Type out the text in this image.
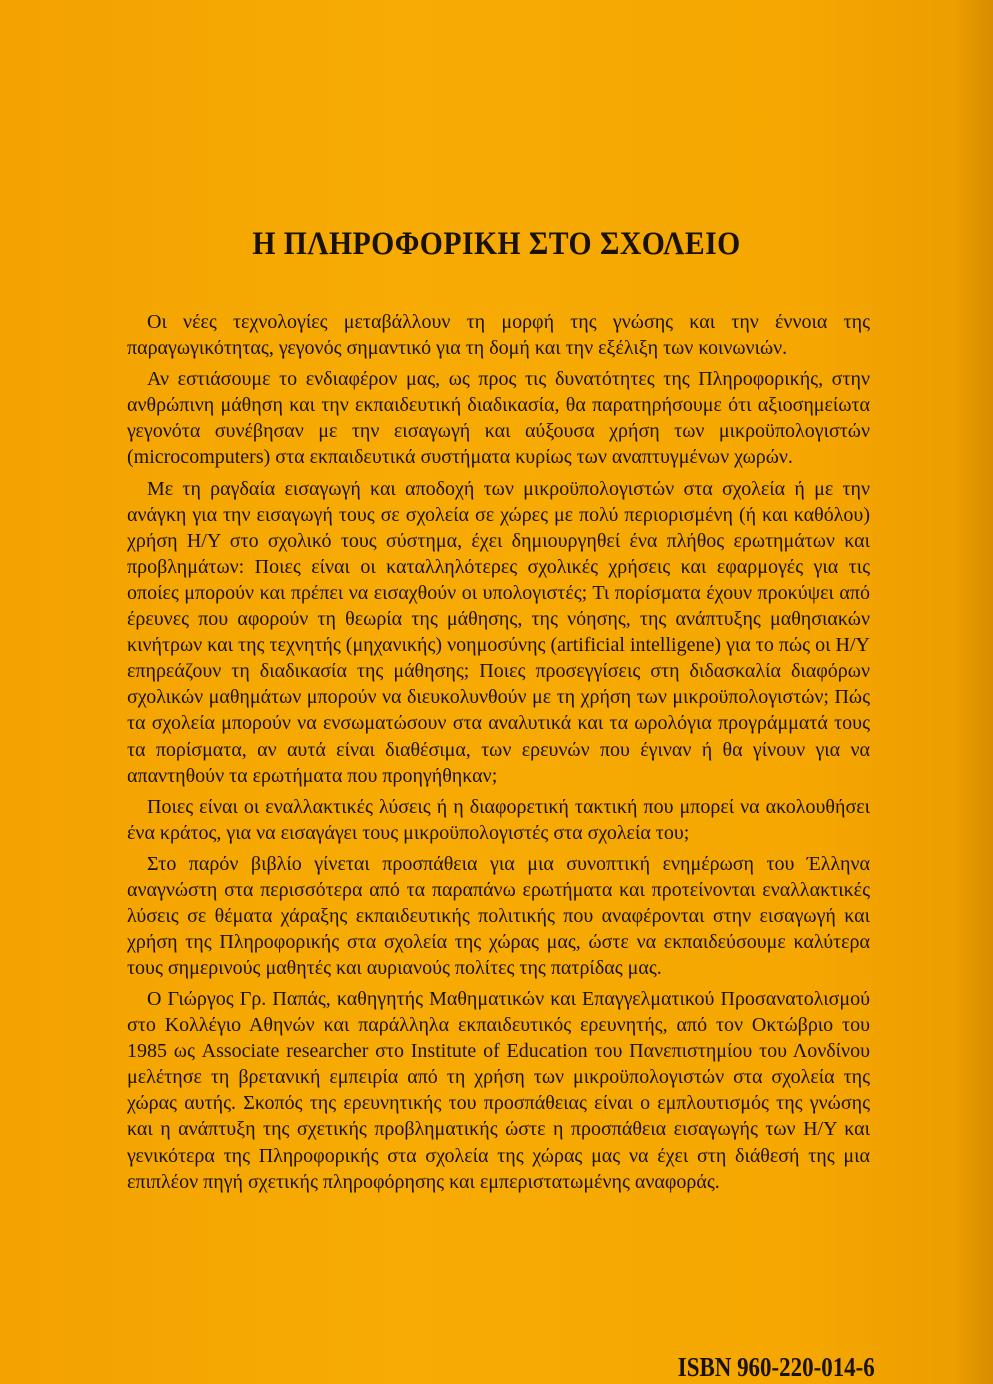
Η ΠΛΗΡΟΦΟΡΙΚΗ ΣΤΟ ΣΧΟΛΕΙΟ

Οι νέες τεχνολογίες μεταβάλλουν τη μορφή της γνώσης και την έννοια της παραγωγικότητας, γεγονός σημαντικό για τη δομή και την εξέλιξη των κοινωνιών.

Αν εστιάσουμε το ενδιαφέρον μας, ως προς τις δυνατότητες της Πληροφορικής, στην ανθρώπινη μάθηση και την εκπαιδευτική διαδικασία, θα παρατηρήσουμε ότι αξιοσημείωτα γεγονότα συνέβησαν με την εισαγωγή και αύξουσα χρήση των μικροϋπολογιστών (microcomputers) στα εκπαιδευτικά συστήματα κυρίως των αναπτυγμένων χωρών.

Με τη ραγδαία εισαγωγή και αποδοχή των μικροϋπολογιστών στα σχολεία ή με την ανάγκη για την εισαγωγή τους σε σχολεία σε χώρες με πολύ περιορισμένη (ή και καθόλου) χρήση Η/Υ στο σχολικό τους σύστημα, έχει δημιουργηθεί ένα πλήθος ερωτημάτων και προβλημάτων: Ποιες είναι οι καταλληλότερες σχολικές χρήσεις και εφαρμογές για τις οποίες μπορούν και πρέπει να εισαχθούν οι υπολογιστές; Τι πορίσματα έχουν προκύψει από έρευνες που αφορούν τη θεωρία της μάθησης, της νόησης, της ανάπτυξης μαθησιακών κινήτρων και της τεχνητής (μηχανικής) νοημοσύνης (artificial intelligene) για το πώς οι Η/Υ επηρεάζουν τη διαδικασία της μάθησης; Ποιες προσεγγίσεις στη διδασκαλία διαφόρων σχολικών μαθημάτων μπορούν να διευκολυνθούν με τη χρήση των μικροϋπολογιστών; Πώς τα σχολεία μπορούν να ενσωματώσουν στα αναλυτικά και τα ωρολόγια προγράμματά τους τα πορίσματα, αν αυτά είναι διαθέσιμα, των ερευνών που έγιναν ή θα γίνουν για να απαντηθούν τα ερωτήματα που προηγήθηκαν;

Ποιες είναι οι εναλλακτικές λύσεις ή η διαφορετική τακτική που μπορεί να ακολουθήσει ένα κράτος, για να εισαγάγει τους μικροϋπολογιστές στα σχολεία του;

Στο παρόν βιβλίο γίνεται προσπάθεια για μια συνοπτική ενημέρωση του Έλληνα αναγνώστη στα περισσότερα από τα παραπάνω ερωτήματα και προτείνονται εναλλακτικές λύσεις σε θέματα χάραξης εκπαιδευτικής πολιτικής που αναφέρονται στην εισαγωγή και χρήση της Πληροφορικής στα σχολεία της χώρας μας, ώστε να εκπαιδεύσουμε καλύτερα τους σημερινούς μαθητές και αυριανούς πολίτες της πατρίδας μας.

Ο Γιώργος Γρ. Παπάς, καθηγητής Μαθηματικών και Επαγγελματικού Προσανατολισμού στο Κολλέγιο Αθηνών και παράλληλα εκπαιδευτικός ερευνητής, από τον Οκτώβριο του 1985 ως Associate researcher στο Institute of Education του Πανεπιστημίου του Λονδίνου μελέτησε τη βρετανική εμπειρία από τη χρήση των μικροϋπολογιστών στα σχολεία της χώρας αυτής. Σκοπός της ερευνητικής του προσπάθειας είναι ο εμπλουτισμός της γνώσης και η ανάπτυξη της σχετικής προβληματικής ώστε η προσπάθεια εισαγωγής των Η/Υ και γενικότερα της Πληροφορικής στα σχολεία της χώρας μας να έχει στη διάθεσή της μια επιπλέον πηγή σχετικής πληροφόρησης και εμπεριστατωμένης αναφοράς.

ISBN 960-220-014-6
